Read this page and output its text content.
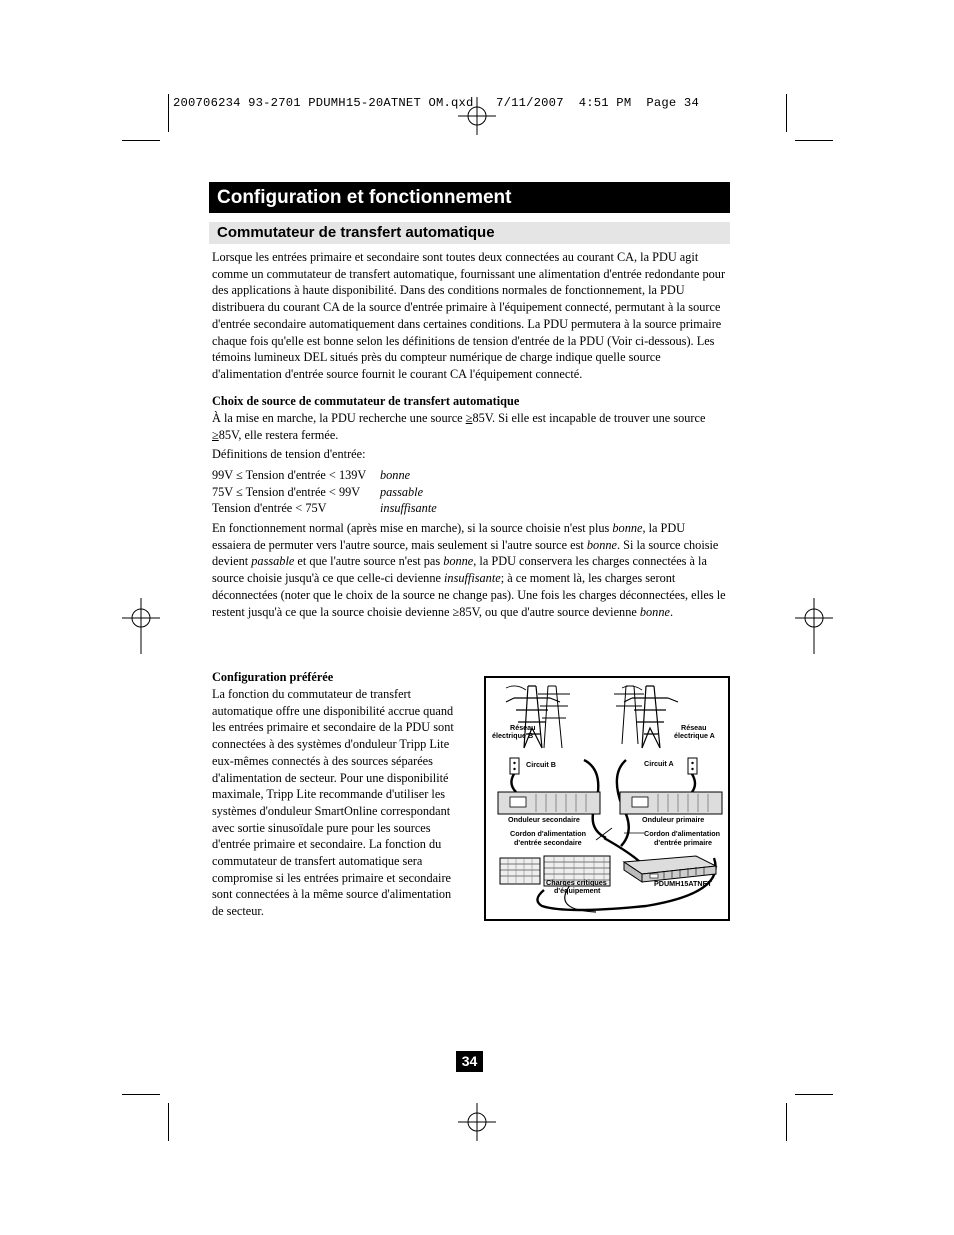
200706234 93-2701 PDUMH15-20ATNET OM.qxd   7/11/2007  4:51 PM  Page 34
Configuration et fonctionnement
Commutateur de transfert automatique
Lorsque les entrées primaire et secondaire sont toutes deux connectées au courant CA, la PDU agit comme un commutateur de transfert automatique, fournissant une alimentation d'entrée redondante pour des applications à haute disponibilité. Dans des conditions normales de fonctionnement, la PDU distribuera du courant CA de la source d'entrée primaire à l'équipement connecté, permutant à la source d'entrée secondaire automatiquement dans certaines conditions. La PDU permutera à la source primaire chaque fois qu'elle est bonne selon les définitions de tension d'entrée de la PDU (Voir ci-dessous). Les témoins lumineux DEL situés près du compteur numérique de charge indique quelle source d'alimentation d'entrée source fournit le courant CA l'équipement connecté.
Choix de source de commutateur de transfert automatique
À la mise en marche, la PDU recherche une source ≥85V. Si elle est incapable de trouver une source ≥85V, elle restera fermée.
Définitions de tension d'entrée:
99V ≤ Tension d'entrée < 139V bonne
75V ≤ Tension d'entrée < 99V passable
Tension d'entrée < 75V	insuffisante
En fonctionnement normal (après mise en marche), si la source choisie n'est plus bonne, la PDU essaiera de permuter vers l'autre source, mais seulement si l'autre source est bonne. Si la source choisie devient passable et que l'autre source n'est pas bonne, la PDU conservera les charges connectées à la source choisie jusqu'à ce que celle-ci devienne insuffisante; à ce moment là, les charges seront déconnectées (noter que le choix de la source ne change pas). Une fois les charges déconnectées, elles le restent jusqu'à ce que la source choisie devienne ≥85V, ou que d'autre source devienne bonne.
Configuration préférée
La fonction du commutateur de transfert automatique offre une disponibilité accrue quand les entrées primaire et secondaire de la PDU sont connectées à des systèmes d'onduleur Tripp Lite eux-mêmes connectés à des sources séparées d'alimentation de secteur. Pour une disponibilité maximale, Tripp Lite recommande d'utiliser les systèmes d'onduleur SmartOnline correspondant avec sortie sinusoïdale pure pour les sources d'entrée primaire et secondaire. La fonction du commutateur de transfert automatique sera compromise si les entrées primaire et secondaire sont connectées à la même source d'alimentation de secteur.
Réseau
électrique B
Réseau
électrique A
Circuit B	Circuit A
Onduleur secondaire	Onduleur primaire
Cordon d'alimentation
d'entrée secondaire
Cordon d'alimentation
d'entrée primaire
Charges critiques
d'équipement
PDUMH15ATNET
34
